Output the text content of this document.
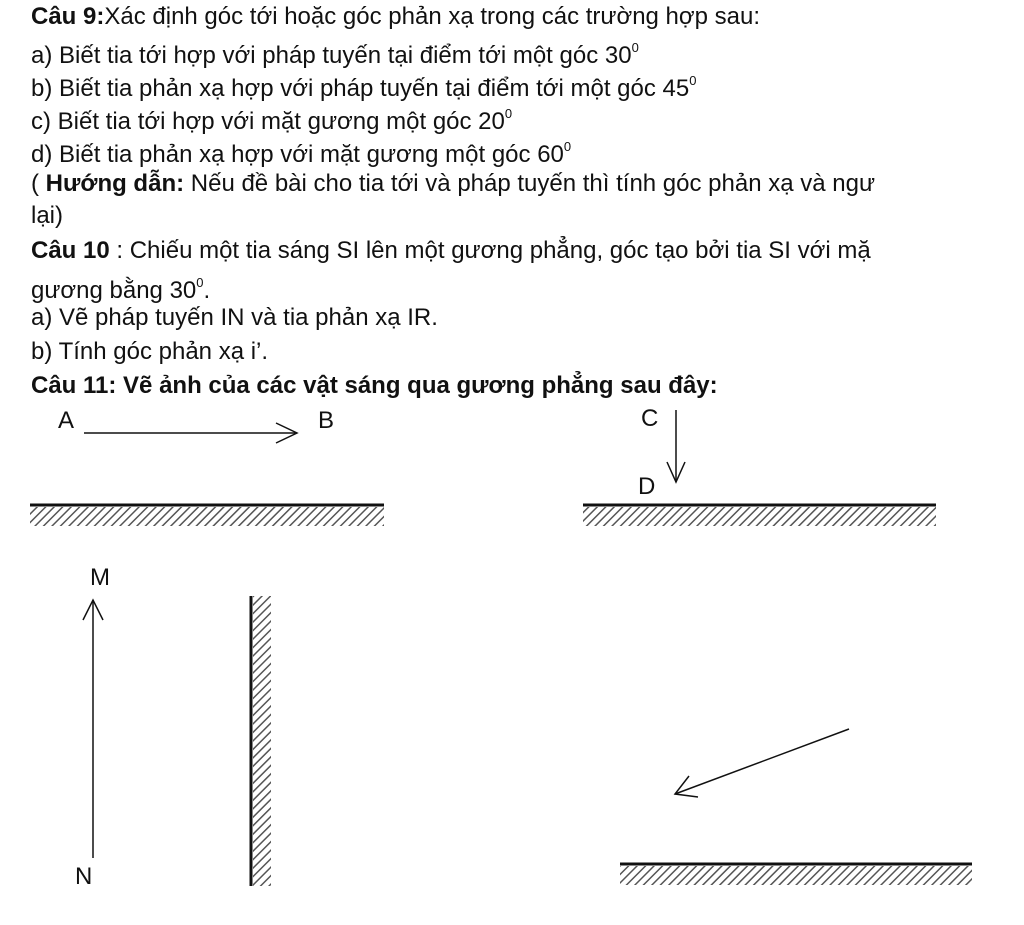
Câu 9:Xác định góc tới hoặc góc phản xạ trong các trường hợp sau:
a) Biết tia tới hợp với pháp tuyến tại điểm tới một góc $30^0$
b) Biết tia phản xạ hợp với pháp tuyến tại điểm tới một góc $45^0$
c) Biết tia tới hợp với mặt gương một góc $20^0$
d) Biết tia phản xạ hợp với mặt gương một góc $60^0$
( Hướng dẫn: Nếu đề bài cho tia tới và pháp tuyến thì tính góc phản xạ và ngư
lại)
Câu 10 : Chiếu một tia sáng SI lên một gương phẳng, góc tạo bởi tia SI với mặ
gương bằng $30^0$.
a) Vẽ pháp tuyến IN và tia phản xạ IR.
b) Tính góc phản xạ i’.
Câu 11: Vẽ ảnh của các vật sáng qua gương phẳng sau đây:
A	B	C
D
M
N
